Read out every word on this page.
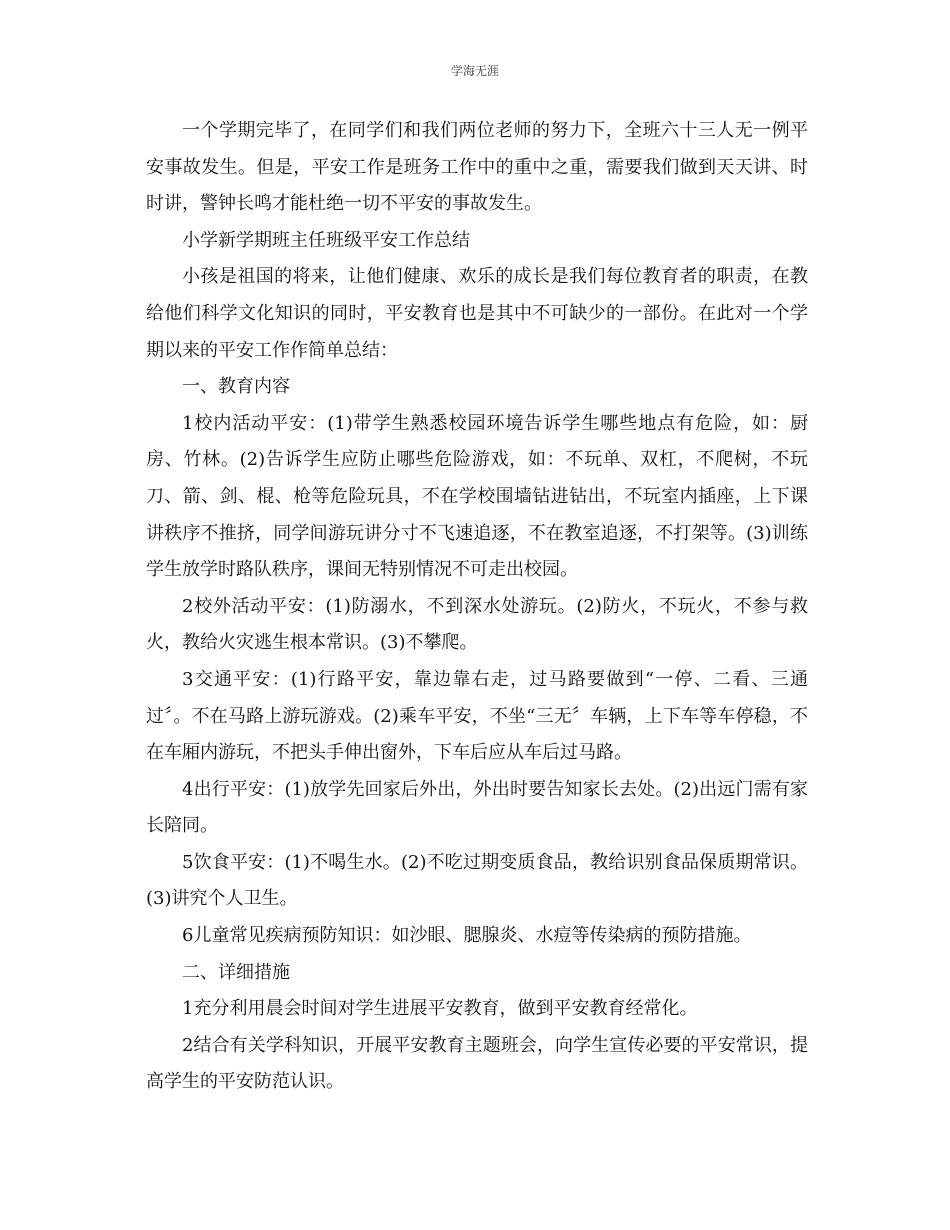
学海无涯

一个学期完毕了，在同学们和我们两位老师的努力下，全班六十三人无一例平安事故发生。但是，平安工作是班务工作中的重中之重，需要我们做到天天讲、时时讲，警钟长鸣才能杜绝一切不平安的事故发生。

小学新学期班主任班级平安工作总结

小孩是祖国的将来，让他们健康、欢乐的成长是我们每位教育者的职责，在教给他们科学文化知识的同时，平安教育也是其中不可缺少的一部份。在此对一个学期以来的平安工作作简单总结：

一、教育内容

1校内活动平安：(1)带学生熟悉校园环境告诉学生哪些地点有危险，如：厨房、竹林。(2)告诉学生应防止哪些危险游戏，如：不玩单、双杠，不爬树，不玩刀、箭、剑、棍、枪等危险玩具，不在学校围墙钻进钻出，不玩室内插座，上下课讲秩序不推挤，同学间游玩讲分寸不飞速追逐，不在教室追逐，不打架等。(3)训练学生放学时路队秩序，课间无特别情况不可走出校园。

2校外活动平安：(1)防溺水，不到深水处游玩。(2)防火，不玩火，不参与救火，教给火灾逃生根本常识。(3)不攀爬。

3交通平安：(1)行路平安，靠边靠右走，过马路要做到“一停、二看、三通过〞。不在马路上游玩游戏。(2)乘车平安，不坐“三无〞车辆，上下车等车停稳，不在车厢内游玩，不把头手伸出窗外，下车后应从车后过马路。

4出行平安：(1)放学先回家后外出，外出时要告知家长去处。(2)出远门需有家长陪同。

5饮食平安：(1)不喝生水。(2)不吃过期变质食品，教给识别食品保质期常识。(3)讲究个人卫生。

6儿童常见疾病预防知识：如沙眼、腮腺炎、水痘等传染病的预防措施。

二、详细措施

1充分利用晨会时间对学生进展平安教育，做到平安教育经常化。

2结合有关学科知识，开展平安教育主题班会，向学生宣传必要的平安常识，提高学生的平安防范认识。
